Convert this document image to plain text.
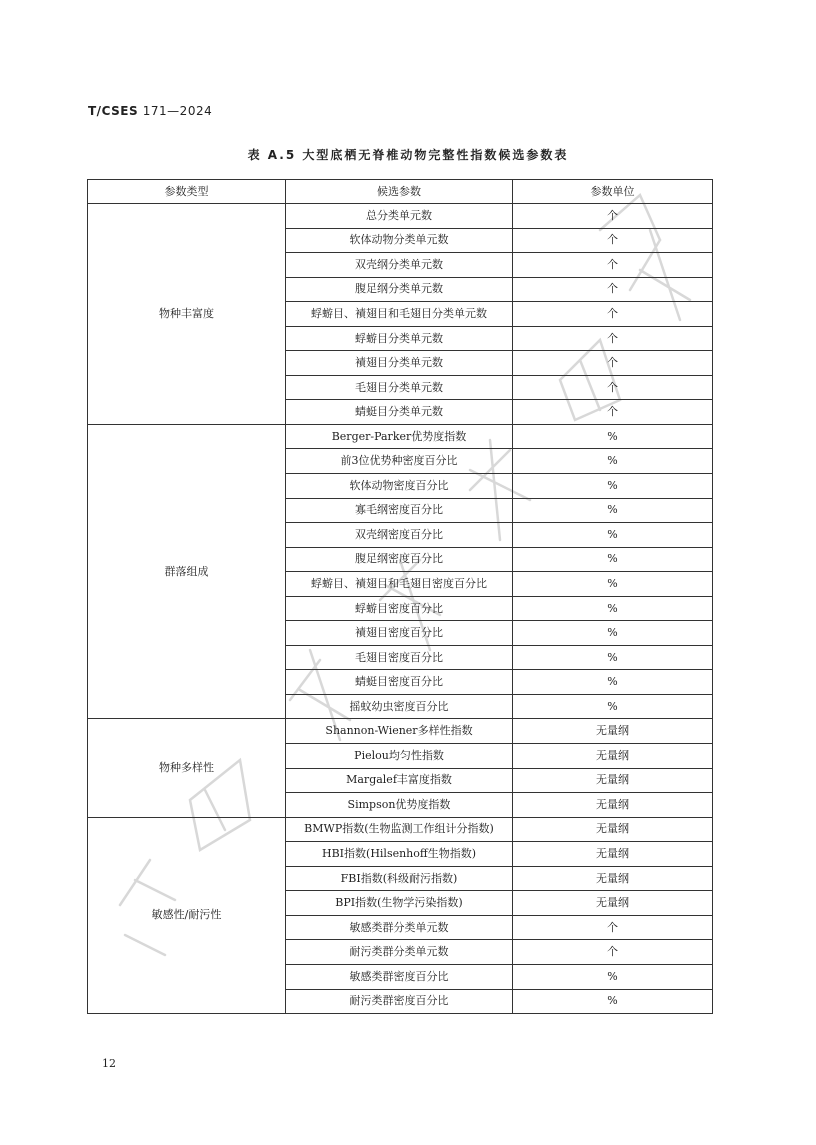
T/CSES 171—2024
表 A.5 大型底栖无脊椎动物完整性指数候选参数表
参数类型	候选参数	参数单位
物种丰富度	总分类单元数	个
	软体动物分类单元数	个
	双壳纲分类单元数	个
	腹足纲分类单元数	个
	蜉蝣目、襀翅目和毛翅目分类单元数	个
	蜉蝣目分类单元数	个
	襀翅目分类单元数	个
	毛翅目分类单元数	个
	蜻蜓目分类单元数	个
群落组成	Berger-Parker优势度指数	%
	前3位优势种密度百分比	%
	软体动物密度百分比	%
	寡毛纲密度百分比	%
	双壳纲密度百分比	%
	腹足纲密度百分比	%
	蜉蝣目、襀翅目和毛翅目密度百分比	%
	蜉蝣目密度百分比	%
	襀翅目密度百分比	%
	毛翅目密度百分比	%
	蜻蜓目密度百分比	%
	摇蚊幼虫密度百分比	%
物种多样性	Shannon-Wiener多样性指数	无量纲
	Pielou均匀性指数	无量纲
	Margalef丰富度指数	无量纲
	Simpson优势度指数	无量纲
敏感性/耐污性	BMWP指数(生物监测工作组计分指数)	无量纲
	HBI指数(Hilsenhoff生物指数)	无量纲
	FBI指数(科级耐污指数)	无量纲
	BPI指数(生物学污染指数)	无量纲
	敏感类群分类单元数	个
	耐污类群分类单元数	个
	敏感类群密度百分比	%
	耐污类群密度百分比	%
12
